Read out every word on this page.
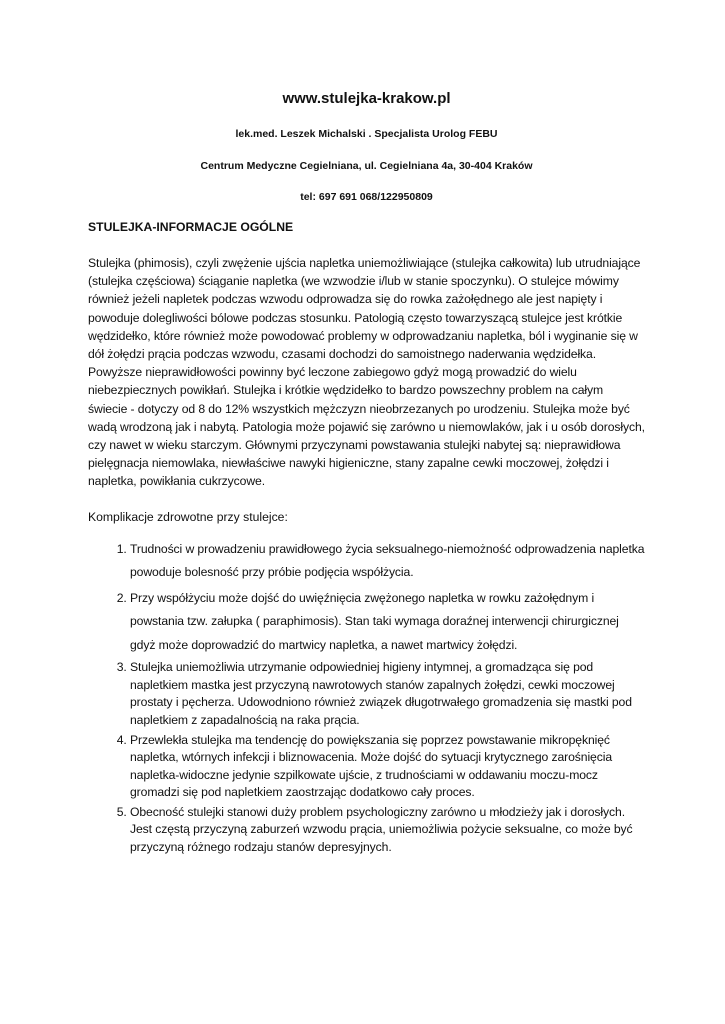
www.stulejka-krakow.pl
lek.med. Leszek Michalski . Specjalista Urolog FEBU
Centrum Medyczne Cegielniana, ul. Cegielniana 4a, 30-404 Kraków
tel: 697 691 068/122950809
STULEJKA-INFORMACJE OGÓLNE

Stulejka (phimosis), czyli zwężenie ujścia napletka uniemożliwiające (stulejka całkowita) lub utrudniające (stulejka częściowa) ściąganie napletka (we wzwodzie i/lub w stanie spoczynku). O stulejce mówimy również jeżeli napletek podczas wzwodu odprowadza się do rowka zażołędnego ale jest napięty i powoduje dolegliwości bólowe podczas stosunku. Patologią często towarzyszącą stulejce jest krótkie wędzidełko, które również może powodować problemy w odprowadzaniu napletka, ból i wyginanie się w dół żołędzi prącia podczas wzwodu, czasami dochodzi do samoistnego naderwania wędzidełka. Powyższe nieprawidłowości powinny być leczone zabiegowo gdyż mogą prowadzić do wielu niebezpiecznych powikłań. Stulejka i krótkie wędzidełko to bardzo powszechny problem na całym świecie - dotyczy od 8 do 12% wszystkich mężczyzn nieobrzezanych po urodzeniu. Stulejka może być wadą wrodzoną jak i nabytą. Patologia może pojawić się zarówno u niemowlaków, jak i u osób dorosłych, czy nawet w wieku starczym. Głównymi przyczynami powstawania stulejki nabytej są: nieprawidłowa pielęgnacja niemowlaka, niewłaściwe nawyki higieniczne, stany zapalne cewki moczowej, żołędzi i napletka, powikłania cukrzycowe.

Komplikacje zdrowotne przy stulejce:

1. Trudności w prowadzeniu prawidłowego życia seksualnego-niemożność odprowadzenia napletka powoduje bolesność przy próbie podjęcia współżycia.
2. Przy współżyciu może dojść do uwięźnięcia zwężonego napletka w rowku zażołędnym i powstania tzw. załupka ( paraphimosis). Stan taki wymaga doraźnej interwencji chirurgicznej gdyż może doprowadzić do martwicy napletka, a nawet martwicy żołędzi.
3. Stulejka uniemożliwia utrzymanie odpowiedniej higieny intymnej, a gromadząca się pod napletkiem mastka jest przyczyną nawrotowych stanów zapalnych żołędzi, cewki moczowej prostaty i pęcherza. Udowodniono również związek długotrwałego gromadzenia się mastki pod napletkiem z zapadalnością na raka prącia.
4. Przewlekła stulejka ma tendencję do powiększania się poprzez powstawanie mikropęknięć napletka, wtórnych infekcji i bliznowacenia. Może dojść do sytuacji krytycznego zarośnięcia napletka-widoczne jedynie szpilkowate ujście, z trudnościami w oddawaniu moczu-mocz gromadzi się pod napletkiem zaostrzając dodatkowo cały proces.
5. Obecność stulejki stanowi duży problem psychologiczny zarówno u młodzieży jak i dorosłych. Jest częstą przyczyną zaburzeń wzwodu prącia, uniemożliwia pożycie seksualne, co może być przyczyną różnego rodzaju stanów depresyjnych.
